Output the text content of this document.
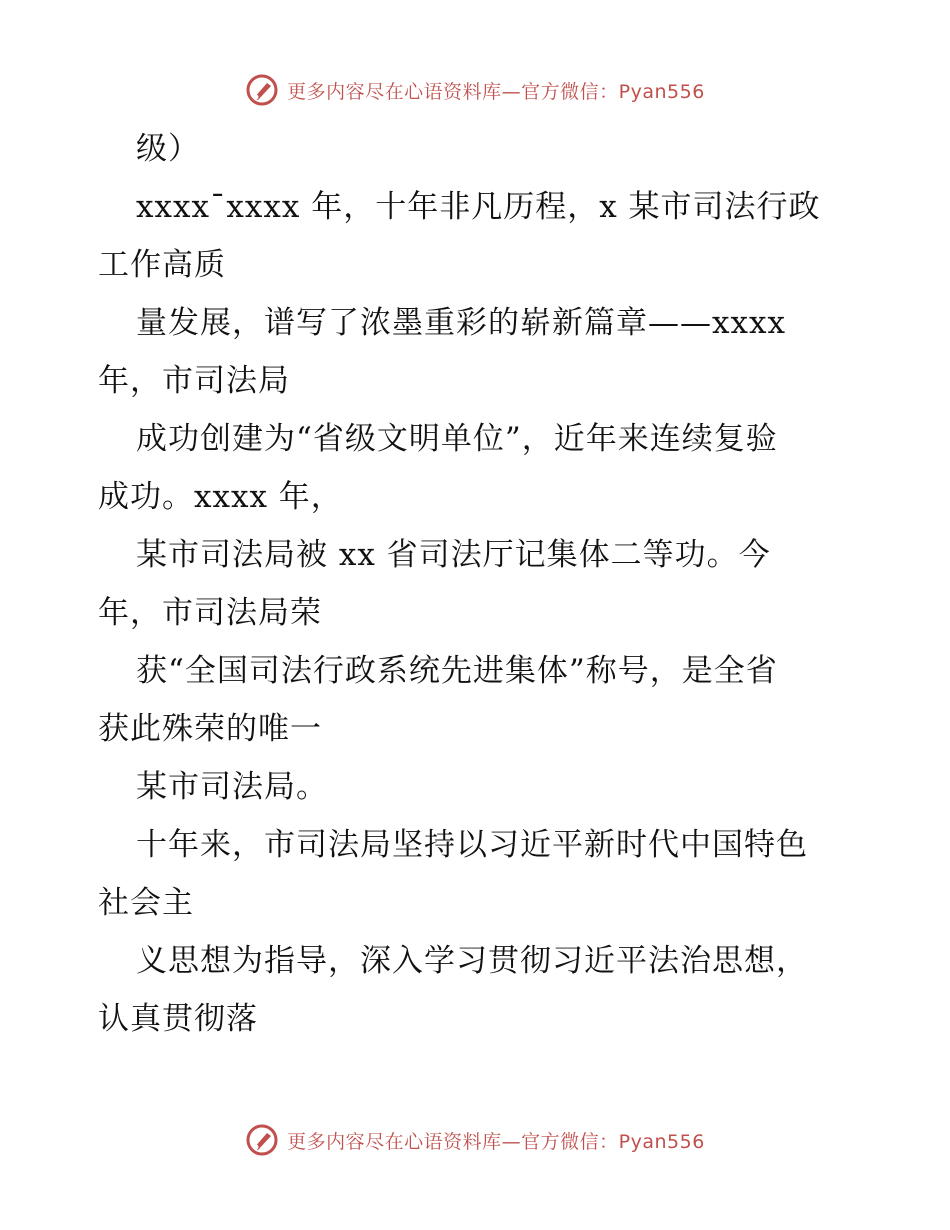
更多内容尽在心语资料库—官方微信：Pyan556
级）
xxxx¯xxxx 年，十年非凡历程，x 某市司法行政
工作高质
量发展，谱写了浓墨重彩的崭新篇章——xxxx
年，市司法局
成功创建为“省级文明单位”，近年来连续复验
成功。xxxx 年，
某市司法局被 xx 省司法厅记集体二等功。今
年，市司法局荣
获“全国司法行政系统先进集体”称号，是全省
获此殊荣的唯一
某市司法局。
十年来，市司法局坚持以习近平新时代中国特色
社会主
义思想为指导，深入学习贯彻习近平法治思想，
认真贯彻落
更多内容尽在心语资料库—官方微信：Pyan556
